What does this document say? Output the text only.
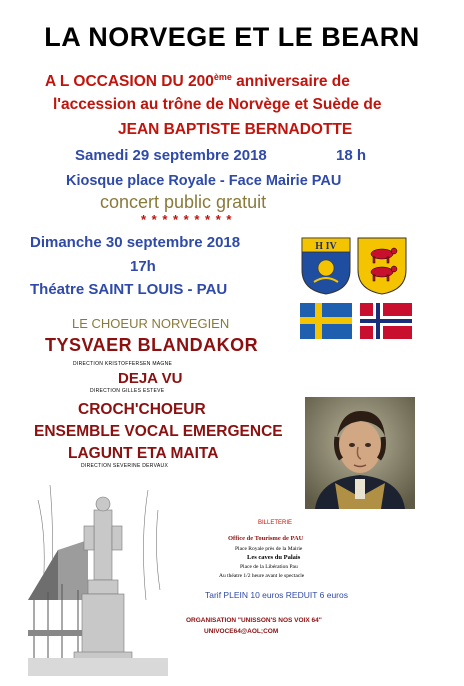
LA NORVEGE ET LE BEARN
A L OCCASION DU 200ème anniversaire de
l'accession au trône de Norvège et Suède de
JEAN BAPTISTE BERNADOTTE
Samedi 29 septembre 2018	18 h
Kiosque place Royale - Face Mairie PAU
concert public gratuit
* * * * * * * * *
Dimanche 30 septembre 2018
17h
Théatre SAINT LOUIS - PAU
H IV
LE CHOEUR NORVEGIEN
TYSVAER BLANDAKOR
DIRECTION KRISTOFFERSEN MAGNE
DEJA VU
DIRECTION GILLES ESTEVE
CROCH'CHOEUR
ENSEMBLE VOCAL EMERGENCE
LAGUNT ETA MAITA
DIRECTION SEVERINE DERVAUX
BILLETERIE
Office de Tourisme de PAU
Place Royale près de la Mairie
Les caves du Palais
Place de la Libération Pau
Au théatre 1/2 heure avant le spectacle
Tarif PLEIN 10 euros REDUIT 6 euros
ORGANISATION "UNISSON'S NOS VOIX 64"
UNIVOCE64@AOL;COM
